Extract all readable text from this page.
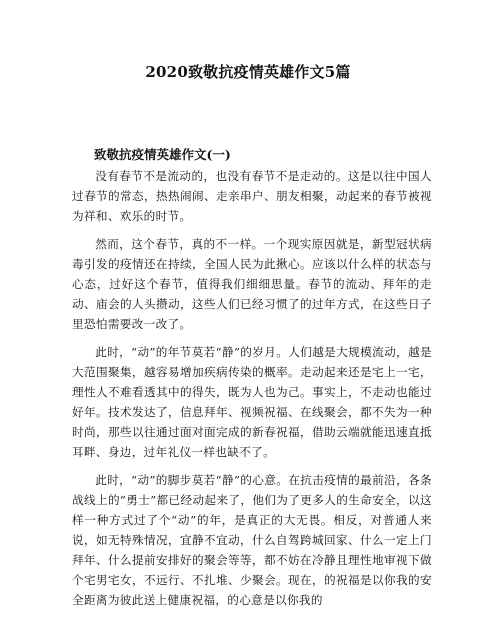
2020致敬抗疫情英雄作文5篇
致敬抗疫情英雄作文(一)

没有春节不是流动的，也没有春节不是走动的。这是以往中国人过春节的常态，热热闹闹、走亲串户、朋友相聚，动起来的春节被视为祥和、欢乐的时节。

然而，这个春节，真的不一样。一个现实原因就是，新型冠状病毒引发的疫情还在持续，全国人民为此揪心。应该以什么样的状态与心态，过好这个春节，值得我们细细思量。春节的流动、拜年的走动、庙会的人头攒动，这些人们已经习惯了的过年方式，在这些日子里恐怕需要改一改了。

此时，“动”的年节莫若“静”的岁月。人们越是大规模流动，越是大范围聚集，越容易增加疾病传染的概率。走动起来还是宅上一宅，理性人不难看透其中的得失，既为人也为己。事实上，不走动也能过好年。技术发达了，信息拜年、视频祝福、在线聚会，都不失为一种时尚，那些以往通过面对面完成的新春祝福，借助云端就能迅速直抵耳畔、身边，过年礼仪一样也缺不了。

此时，“动”的脚步莫若“静”的心意。在抗击疫情的最前沿，各条战线上的“勇士”都已经动起来了，他们为了更多人的生命安全，以这样一种方式过了个“动”的年，是真正的大无畏。相反，对普通人来说，如无特殊情况，宜静不宜动，什么自驾跨城回家、什么一定上门拜年、什么提前安排好的聚会等等，都不妨在冷静且理性地审视下做个宅男宅女，不远行、不扎堆、少聚会。现在，的祝福是以你我的安全距离为彼此送上健康祝福，的心意是以你我的
